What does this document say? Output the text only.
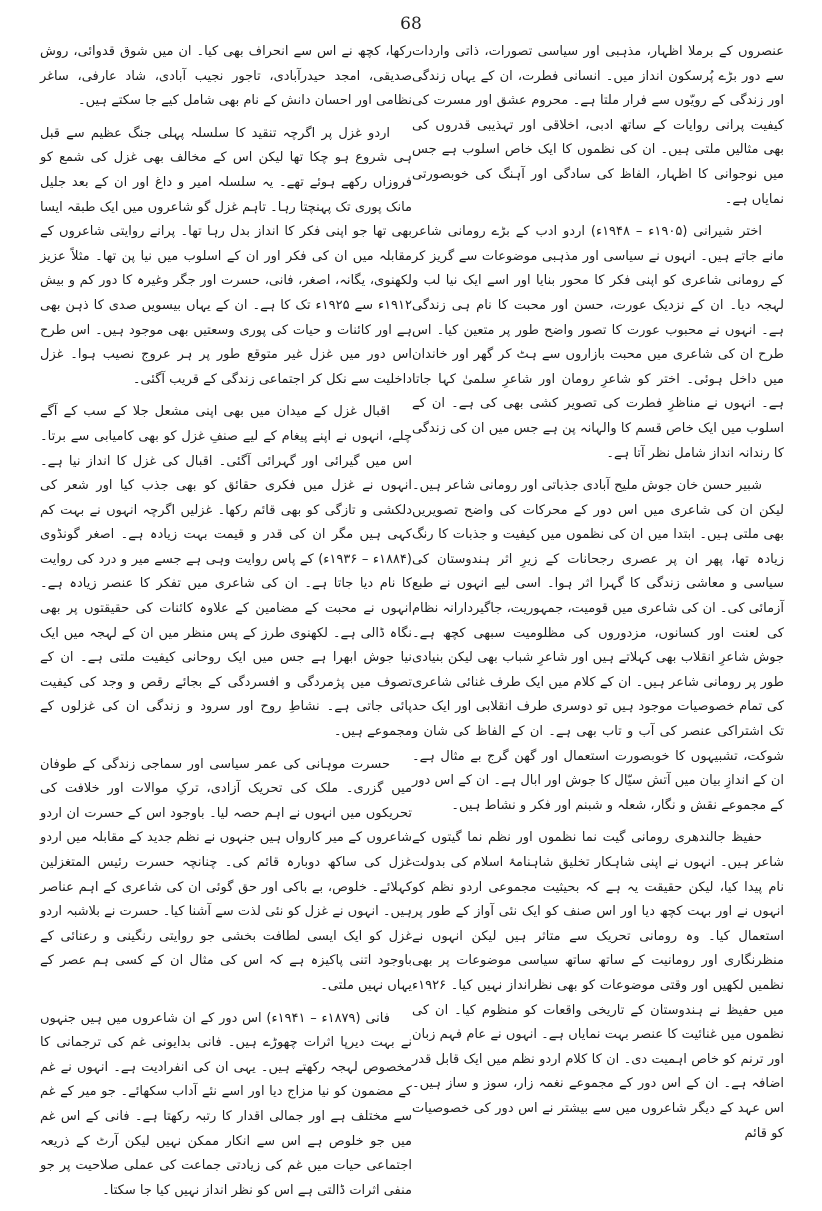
68

عنصروں کے برملا اظہار، مذہبی اور سیاسی تصورات، ذاتی واردات سے دور بڑے پُرسکون انداز میں۔ انسانی فطرت، ان کے یہاں زندگی اور زندگی کے رویّوں سے فرار ملتا ہے۔ محروم عشق اور مسرت کی کیفیت پرانی روایات کے ساتھ ادبی، اخلاقی اور تہذیبی قدروں کی بھی مثالیں ملتی ہیں۔ ان کی نظموں کا ایک خاص اسلوب ہے جس میں نوجوانی کا اظہار، الفاظ کی سادگی اور آہنگ کی خوبصورتی نمایاں ہے۔

اختر شیرانی (۱۹۰۵ء – ۱۹۴۸ء) اردو ادب کے بڑے رومانی شاعر مانے جاتے ہیں۔ انہوں نے سیاسی اور مذہبی موضوعات سے گریز کر کے رومانی شاعری کو اپنی فکر کا محور بنایا اور اسے ایک نیا لب و لہجہ دیا۔ ان کے نزدیک عورت، حسن اور محبت کا نام ہی زندگی ہے۔ انہوں نے محبوب عورت کا تصور واضح طور پر متعین کیا۔ اس طرح ان کی شاعری میں محبت بازاروں سے ہٹ کر گھر اور خاندان میں داخل ہوئی۔ اختر کو شاعرِ رومان اور شاعرِ سلمیٰ کہا جاتا ہے۔ انہوں نے مناظرِ فطرت کی تصویر کشی بھی کی ہے۔ ان کے اسلوب میں ایک خاص قسم کا والہانہ پن ہے جس میں ان کی زندگی کا رندانہ انداز شامل نظر آتا ہے۔

شبیر حسن خان جوش ملیح آبادی جذباتی اور رومانی شاعر ہیں۔ لیکن ان کی شاعری میں اس دور کے محرکات کی واضح تصویریں بھی ملتی ہیں۔ ابتدا میں ان کی نظموں میں کیفیت و جذبات کا رنگ زیادہ تھا، پھر ان پر عصری رجحانات کے زیرِ اثر ہندوستان کی سیاسی و معاشی زندگی کا گہرا اثر ہوا۔ اسی لیے انہوں نے طبع آزمائی کی۔ ان کی شاعری میں قومیت، جمہوریت، جاگیردارانہ نظام کی لعنت اور کسانوں، مزدوروں کی مظلومیت سبھی کچھ ہے۔ جوش شاعرِ انقلاب بھی کہلاتے ہیں اور شاعرِ شباب بھی لیکن بنیادی طور پر رومانی شاعر ہیں۔ ان کے کلام میں ایک طرف غنائی شاعری کی تمام خصوصیات موجود ہیں تو دوسری طرف انقلابی اور ایک حد تک اشتراکی عنصر کی آب و تاب بھی ہے۔ ان کے الفاظ کی شان و شوکت، تشبیہوں کا خوبصورت استعمال اور گھن گرج بے مثال ہے۔ ان کے اندازِ بیان میں آتش سیّال کا جوش اور ابال ہے۔ ان کے اس دور کے مجموعے نقش و نگار، شعلہ و شبنم اور فکر و نشاط ہیں۔

حفیظ جالندھری رومانی گیت نما نظموں اور نظم نما گیتوں کے شاعر ہیں۔ انہوں نے اپنی شاہکار تخلیق شاہنامۂ اسلام کی بدولت نام پیدا کیا، لیکن حقیقت یہ ہے کہ بحیثیت مجموعی اردو نظم کو انہوں نے اور بہت کچھ دیا اور اس صنف کو ایک نئی آواز کے طور پر استعمال کیا۔ وہ رومانی تحریک سے متاثر ہیں لیکن انہوں نے منظرنگاری اور رومانیت کے ساتھ ساتھ سیاسی موضوعات پر بھی نظمیں لکھیں اور وقتی موضوعات کو بھی نظرانداز نہیں کیا۔ ۱۹۲۶ء میں حفیظ نے ہندوستان کے تاریخی واقعات کو منظوم کیا۔ ان کی نظموں میں غنائیت کا عنصر بہت نمایاں ہے۔ انہوں نے عام فہم زبان اور ترنم کو خاص اہمیت دی۔ ان کا کلام اردو نظم میں ایک قابل قدر اضافہ ہے۔ ان کے اس دور کے مجموعے نغمہ زار، سوز و ساز ہیں۔ اس عہد کے دیگر شاعروں میں سے بیشتر نے اس دور کی خصوصیات کو قائم

رکھا، کچھ نے اس سے انحراف بھی کیا۔ ان میں شوق قدوائی، روش صدیقی، امجد حیدرآبادی، تاجور نجیب آبادی، شاد عارفی، ساغر نظامی اور احسان دانش کے نام بھی شامل کیے جا سکتے ہیں۔

اردو غزل پر اگرچہ تنقید کا سلسلہ پہلی جنگ عظیم سے قبل ہی شروع ہو چکا تھا لیکن اس کے مخالف بھی غزل کی شمع کو فروزاں رکھے ہوئے تھے۔ یہ سلسلہ امیر و داغ اور ان کے بعد جلیل مانک پوری تک پہنچتا رہا۔ تاہم غزل گو شاعروں میں ایک طبقہ ایسا بھی تھا جو اپنی فکر کا انداز بدل رہا تھا۔ پرانے روایتی شاعروں کے مقابلہ میں ان کی فکر اور ان کے اسلوب میں نیا پن تھا۔ مثلاً عزیز لکھنوی، یگانہ، اصغر، فانی، حسرت اور جگر وغیرہ کا دور کم و بیش ۱۹۱۲ء سے ۱۹۲۵ء تک کا ہے۔ ان کے یہاں بیسویں صدی کا ذہن بھی ہے اور کائنات و حیات کی پوری وسعتیں بھی موجود ہیں۔ اس طرح اس دور میں غزل غیر متوقع طور پر ہر عروج نصیب ہوا۔ غزل داخلیت سے نکل کر اجتماعی زندگی کے قریب آگئی۔

اقبال غزل کے میدان میں بھی اپنی مشعل جلا کے سب کے آگے چلے، انہوں نے اپنے پیغام کے لیے صنفِ غزل کو بھی کامیابی سے برتا۔ اس میں گیرائی اور گہرائی آگئی۔ اقبال کی غزل کا انداز نیا ہے۔ انہوں نے غزل میں فکری حقائق کو بھی جذب کیا اور شعر کی دلکشی و تازگی کو بھی قائم رکھا۔ غزلیں اگرچہ انہوں نے بہت کم کہی ہیں مگر ان کی قدر و قیمت بہت زیادہ ہے۔ اصغر گونڈوی (۱۸۸۴ء – ۱۹۳۶ء) کے پاس روایت وہی ہے جسے میر و درد کی روایت کا نام دیا جاتا ہے۔ ان کی شاعری میں تفکر کا عنصر زیادہ ہے۔ انہوں نے محبت کے مضامین کے علاوہ کائنات کی حقیقتوں پر بھی نگاہ ڈالی ہے۔ لکھنوی طرز کے پس منظر میں ان کے لہجہ میں ایک نیا جوش ابھرا ہے جس میں ایک روحانی کیفیت ملتی ہے۔ ان کے تصوف میں پژمردگی و افسردگی کے بجائے رقص و وجد کی کیفیت پائی جاتی ہے۔ نشاطِ روح اور سرود و زندگی ان کی غزلوں کے مجموعے ہیں۔

حسرت موہانی کی عمر سیاسی اور سماجی زندگی کے طوفان میں گزری۔ ملک کی تحریک آزادی، ترکِ موالات اور خلافت کی تحریکوں میں انہوں نے اہم حصہ لیا۔ باوجود اس کے حسرت ان اردو شاعروں کے میر کارواں ہیں جنہوں نے نظم جدید کے مقابلہ میں اردو غزل کی ساکھ دوبارہ قائم کی۔ چنانچہ حسرت رئیس المتغزلین کہلائے۔ خلوص، بے باکی اور حق گوئی ان کی شاعری کے اہم عناصر ہیں۔ انہوں نے غزل کو نئی لذت سے آشنا کیا۔ حسرت نے بلاشبہ اردو غزل کو ایک ایسی لطافت بخشی جو روایتی رنگینی و رعنائی کے باوجود اتنی پاکیزہ ہے کہ اس کی مثال ان کے کسی ہم عصر کے یہاں نہیں ملتی۔

فانی (۱۸۷۹ء – ۱۹۴۱ء) اس دور کے ان شاعروں میں ہیں جنہوں نے بہت دیرپا اثرات چھوڑے ہیں۔ فانی بدایونی غم کی ترجمانی کا مخصوص لہجہ رکھتے ہیں۔ یہی ان کی انفرادیت ہے۔ انہوں نے غم کے مضمون کو نیا مزاج دیا اور اسے نئے آداب سکھائے۔ جو میر کے غم سے مختلف ہے اور جمالی اقدار کا رتبہ رکھتا ہے۔ فانی کے اس غم میں جو خلوص ہے اس سے انکار ممکن نہیں لیکن آرٹ کے ذریعہ اجتماعی حیات میں غم کی زیادتی جماعت کی عملی صلاحیت پر جو منفی اثرات ڈالتی ہے اس کو نظر انداز نہیں کیا جا سکتا۔
